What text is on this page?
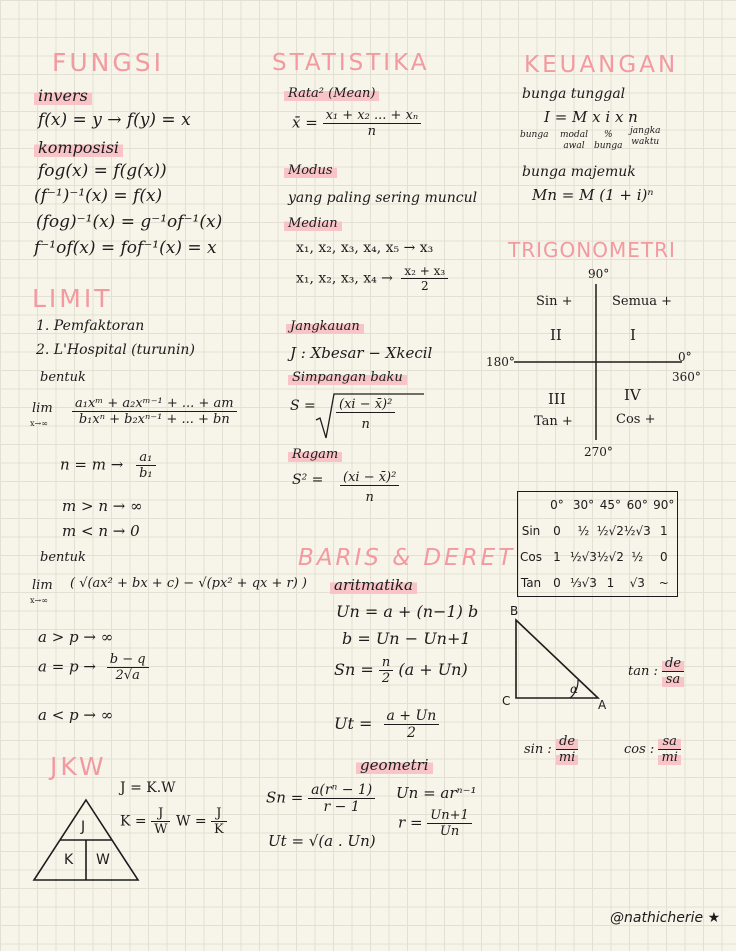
FUNGSI
invers
f(x) = y → f(y) = x
komposisi
fog(x) = f(g(x))
(f⁻¹)⁻¹(x) = f(x)
(fog)⁻¹(x) = g⁻¹of⁻¹(x)
f⁻¹of(x) = fof⁻¹(x) = x
LIMIT
1. Pemfaktoran
2. L'Hospital (turunin)
bentuk
lim
$x\to\infty \frac{\text{a₁xᵐ + a₂xᵐ⁻¹ + ... + am}}{\text{b₁xⁿ + b₂xⁿ⁻¹ + ... + bn}}$
$n = m \to \frac{\text{a₁}}{\text{b₁}}$
m > n → ∞
m < n → 0
bentuk
lim
x→∞
( √(ax² + bx + c) − √(px² + qx + r) )
a > p → ∞
$a = p \to \frac{b - q}{2√a}$
a < p → ∞
JKW
J = K.W
$K = \frac{J}{W}$ $W = \frac{J}{K}$
J
K W
STATISTIKA
Rata² (Mean)
x̄ = $\frac{\text{x₁ + x₂ ... + xₙ}}{n}$
Modus
yang paling sering muncul
Median
x₁, x₂, x₃, x₄, x₅ → x₃
x₁, x₂, x₃, $x_4 \to \frac{\text{x₂ + x₃}}{2}$
Jangkauan
J : Xbesar − Xkecil
Simpangan baku
$S = \frac{\text{(xi − x̄)²}}{n}$
Ragam
$S^2 = \frac{\text{(xi − x̄)²}}{n}$
BARIS & DERET
aritmatika
Un = a + (n−1) b
b = Un − Un+1
$Sn = \frac{n}{2} (a + Un)$
$Ut = \frac{a + Un}{2}$
geometri
$Sn = \frac{\text{a(rⁿ − 1)}}{r - 1}$ Un = arⁿ⁻¹
$r = \frac{Un+1}{Un}$
Ut = √(a . Un)
KEUANGAN
bunga tunggal
I = M x i x n
bunga modal
awal
%
bunga
jangka
waktu
bunga majemuk
Mn = M (1 + i)ⁿ
TRIGONOMETRI
90°
0°
360°
180°
270°
Sin +	Semua +
II	I
III	IV
Tan +	Cos +
	0°	30°	45°	60°	90°
Sin	0	½	½√2	½√3	1
Cos	1	½√3	½√2	½	0
Tan	0	⅓√3	1	√3	~
B
C	A
α
tan : $\frac{de}{sa}$
sin : $\frac{de}{mi}$	cos : $\frac{sa}{mi}$
@nathicherie ★
